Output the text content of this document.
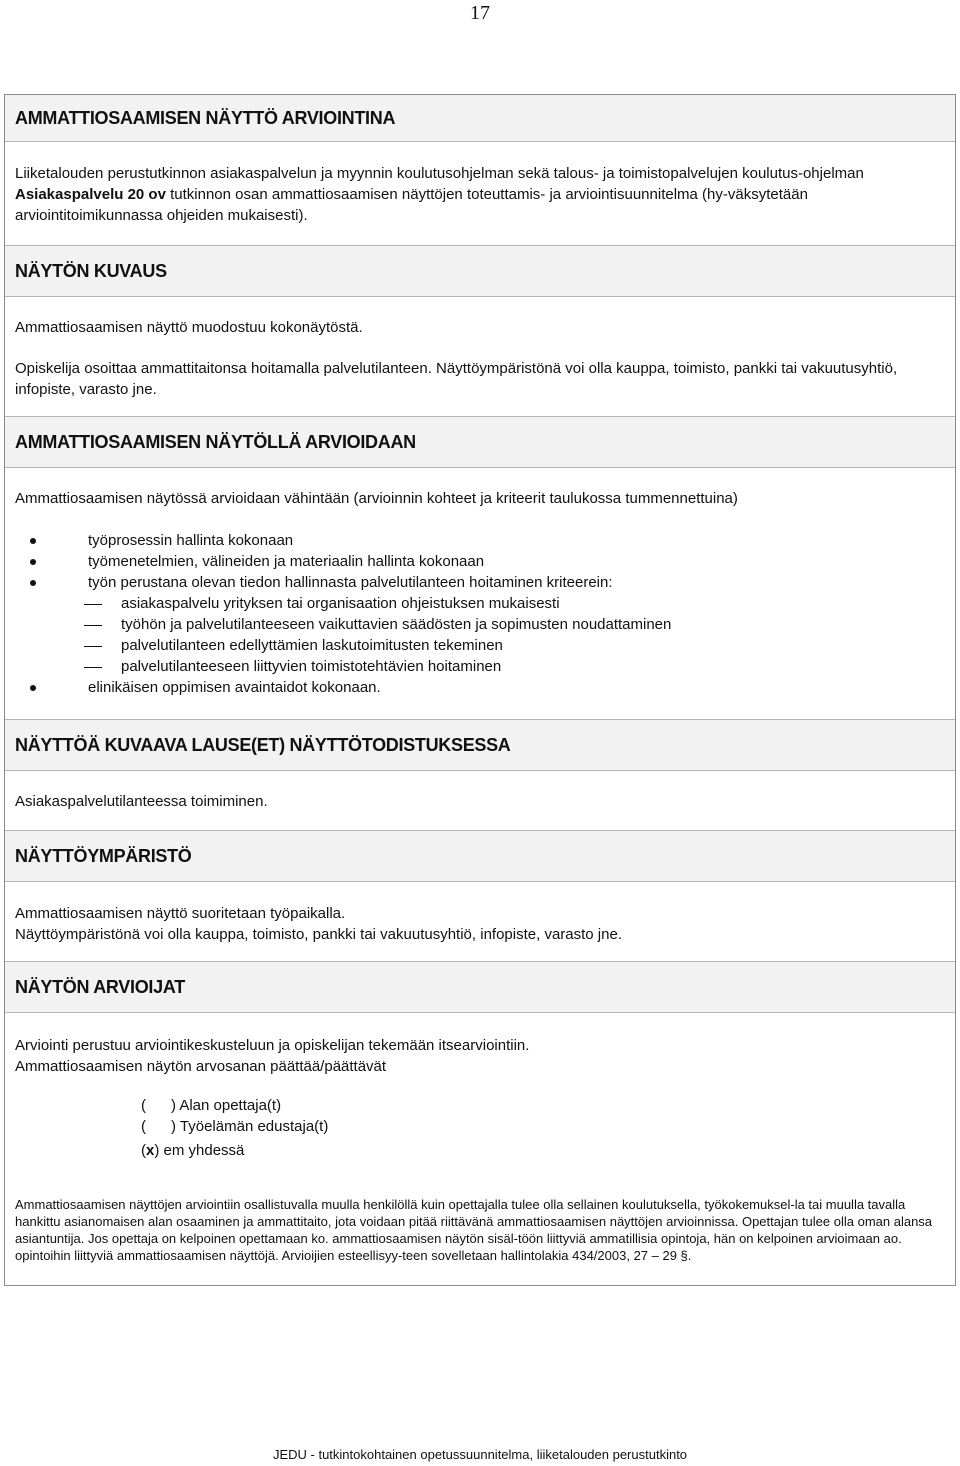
17
AMMATTIOSAAMISEN NÄYTTÖ ARVIOINTINA
Liiketalouden perustutkinnon asiakaspalvelun ja myynnin koulutusohjelman sekä talous- ja toimistopalvelujen koulutus-ohjelman Asiakaspalvelu 20 ov tutkinnon osan ammattiosaamisen näyttöjen toteuttamis- ja arviointisuunnitelma (hy-väksytetään arviointitoimikunnassa ohjeiden mukaisesti).
NÄYTÖN KUVAUS

Ammattiosaamisen näyttö muodostuu kokonäytöstä.

Opiskelija osoittaa ammattitaitonsa hoitamalla palvelutilanteen. Näyttöympäristönä voi olla kauppa, toimisto, pankki tai vakuutusyhtiö, infopiste, varasto jne.

AMMATTIOSAAMISEN NÄYTÖLLÄ ARVIOIDAAN

Ammattiosaamisen näytössä arvioidaan vähintään (arvioinnin kohteet ja kriteerit taulukossa tummennettuina)

työprosessin hallinta kokonaan
työmenetelmien, välineiden ja materiaalin hallinta kokonaan
työn perustana olevan tiedon hallinnasta palvelutilanteen hoitaminen kriteerein:
asiakaspalvelu yrityksen tai organisaation ohjeistuksen mukaisesti
työhön ja palvelutilanteeseen vaikuttavien säädösten ja sopimusten noudattaminen
palvelutilanteen edellyttämien laskutoimitusten tekeminen
palvelutilanteeseen liittyvien toimistotehtävien hoitaminen
elinikäisen oppimisen avaintaidot kokonaan.
NÄYTTÖÄ KUVAAVA LAUSE(ET) NÄYTTÖTODISTUKSESSA

Asiakaspalvelutilanteessa toimiminen.

NÄYTTÖYMPÄRISTÖ

Ammattiosaamisen näyttö suoritetaan työpaikalla.

Näyttöympäristönä voi olla kauppa, toimisto, pankki tai vakuutusyhtiö, infopiste, varasto jne.

NÄYTÖN ARVIOIJAT

Arviointi perustuu arviointikeskusteluun ja opiskelijan tekemään itsearviointiin.

Ammattiosaamisen näytön arvosanan päättää/päättävät

( ) Alan opettaja(t)
( ) Työelämän edustaja(t)
(x) em yhdessä

Ammattiosaamisen näyttöjen arviointiin osallistuvalla muulla henkilöllä kuin opettajalla tulee olla sellainen koulutuksella, työkokemuksel-la tai muulla tavalla hankittu asianomaisen alan osaaminen ja ammattitaito, jota voidaan pitää riittävänä ammattiosaamisen näyttöjen arvioinnissa. Opettajan tulee olla oman alansa asiantuntija. Jos opettaja on kelpoinen opettamaan ko. ammattiosaamisen näytön sisäl-töön liittyviä ammatillisia opintoja, hän on kelpoinen arvioimaan ao. opintoihin liittyviä ammattiosaamisen näyttöjä. Arvioijien esteellisyy-teen sovelletaan hallintolakia 434/2003, 27 – 29 §.

JEDU - tutkintokohtainen opetussuunnitelma, liiketalouden perustutkinto
